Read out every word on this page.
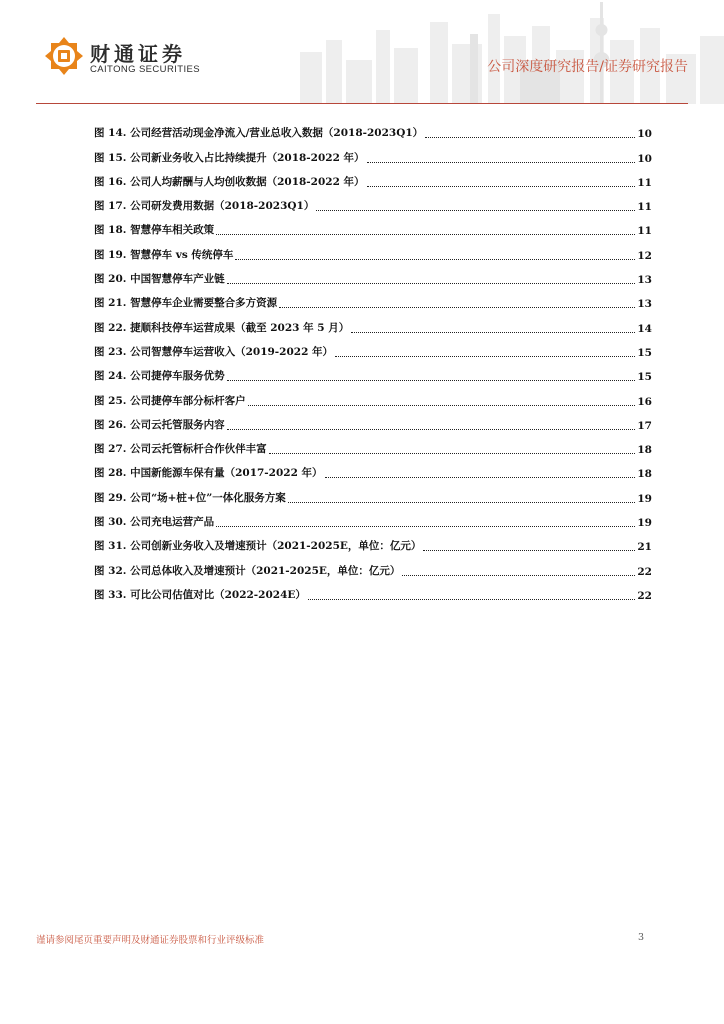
财通证券
CAITONG SECURITIES	公司深度研究报告/证券研究报告
图 14. 公司经营活动现金净流入/营业总收入数据（2018-2023Q1）	10
图 15. 公司新业务收入占比持续提升（2018-2022 年）	10
图 16. 公司人均薪酬与人均创收数据（2018-2022 年）	11
图 17. 公司研发费用数据（2018-2023Q1）	11
图 18. 智慧停车相关政策	11
图 19. 智慧停车 vs 传统停车	12
图 20. 中国智慧停车产业链	13
图 21. 智慧停车企业需要整合多方资源	13
图 22. 捷顺科技停车运营成果（截至 2023 年 5 月）	14
图 23. 公司智慧停车运营收入（2019-2022 年）	15
图 24. 公司捷停车服务优势	15
图 25. 公司捷停车部分标杆客户	16
图 26. 公司云托管服务内容	17
图 27. 公司云托管标杆合作伙伴丰富	18
图 28. 中国新能源车保有量（2017-2022 年）	18
图 29. 公司“场+桩+位”一体化服务方案	19
图 30. 公司充电运营产品	19
图 31. 公司创新业务收入及增速预计（2021-2025E，单位：亿元）	21
图 32. 公司总体收入及增速预计（2021-2025E，单位：亿元）	22
图 33. 可比公司估值对比（2022-2024E）	22
谨请参阅尾页重要声明及财通证券股票和行业评级标准	3
